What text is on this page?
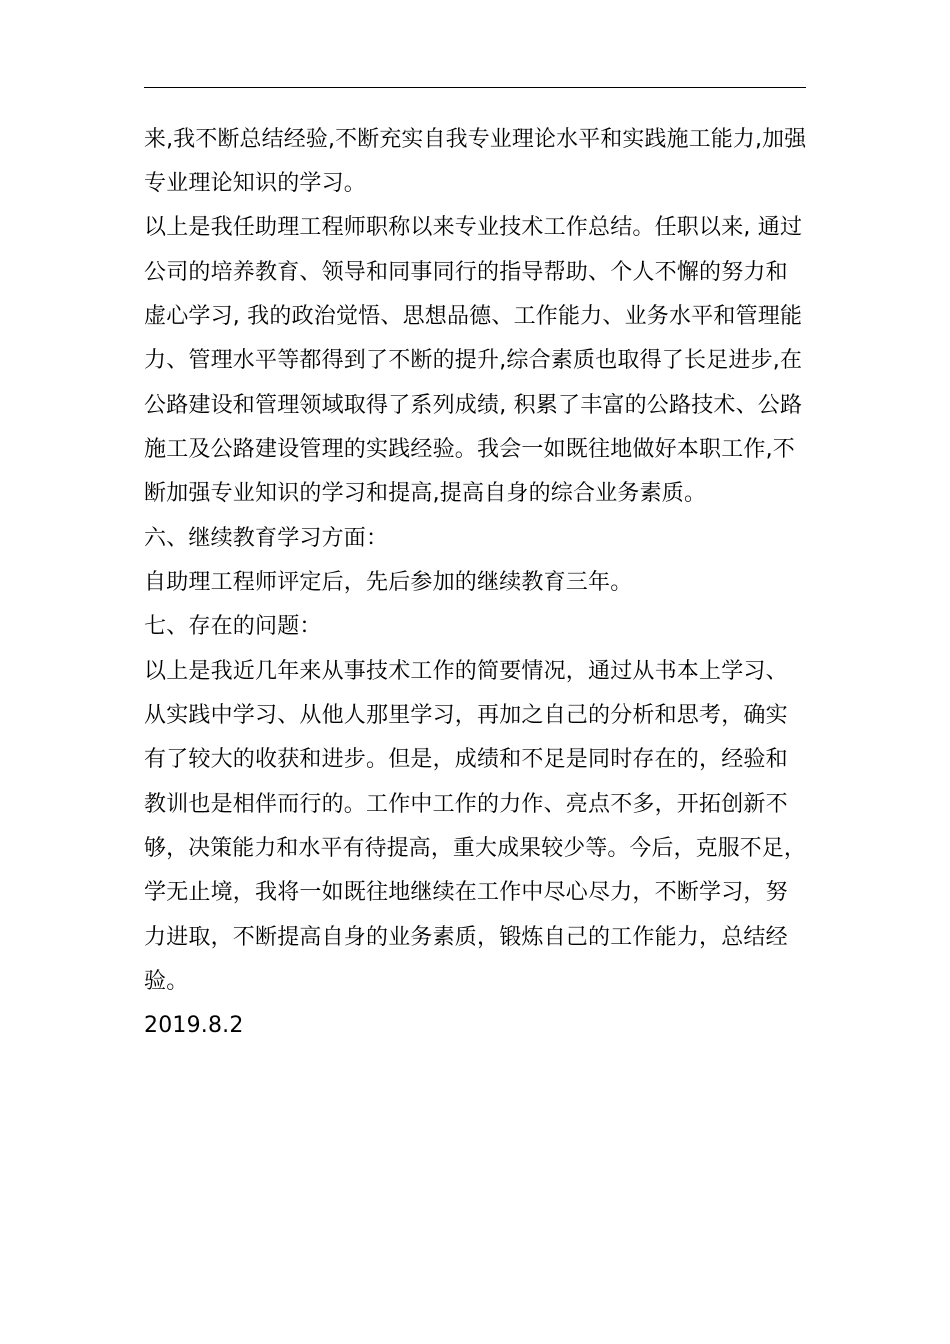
来,我不断总结经验,不断充实自我专业理论水平和实践施工能力,加强
专业理论知识的学习。
以上是我任助理工程师职称以来专业技术工作总结。任职以来, 通过
公司的培养教育、领导和同事同行的指导帮助、个人不懈的努力和
虚心学习, 我的政治觉悟、思想品德、工作能力、业务水平和管理能
力、管理水平等都得到了不断的提升,综合素质也取得了长足进步,在
公路建设和管理领域取得了系列成绩, 积累了丰富的公路技术、公路
施工及公路建设管理的实践经验。我会一如既往地做好本职工作,不
断加强专业知识的学习和提高,提高自身的综合业务素质。
六、继续教育学习方面：
自助理工程师评定后，先后参加的继续教育三年。
七、存在的问题：
以上是我近几年来从事技术工作的简要情况，通过从书本上学习、
从实践中学习、从他人那里学习，再加之自己的分析和思考，确实
有了较大的收获和进步。但是，成绩和不足是同时存在的，经验和
教训也是相伴而行的。工作中工作的力作、亮点不多，开拓创新不
够，决策能力和水平有待提高，重大成果较少等。今后，克服不足，
学无止境，我将一如既往地继续在工作中尽心尽力，不断学习，努
力进取，不断提高自身的业务素质，锻炼自己的工作能力，总结经
验。
2019.8.2
